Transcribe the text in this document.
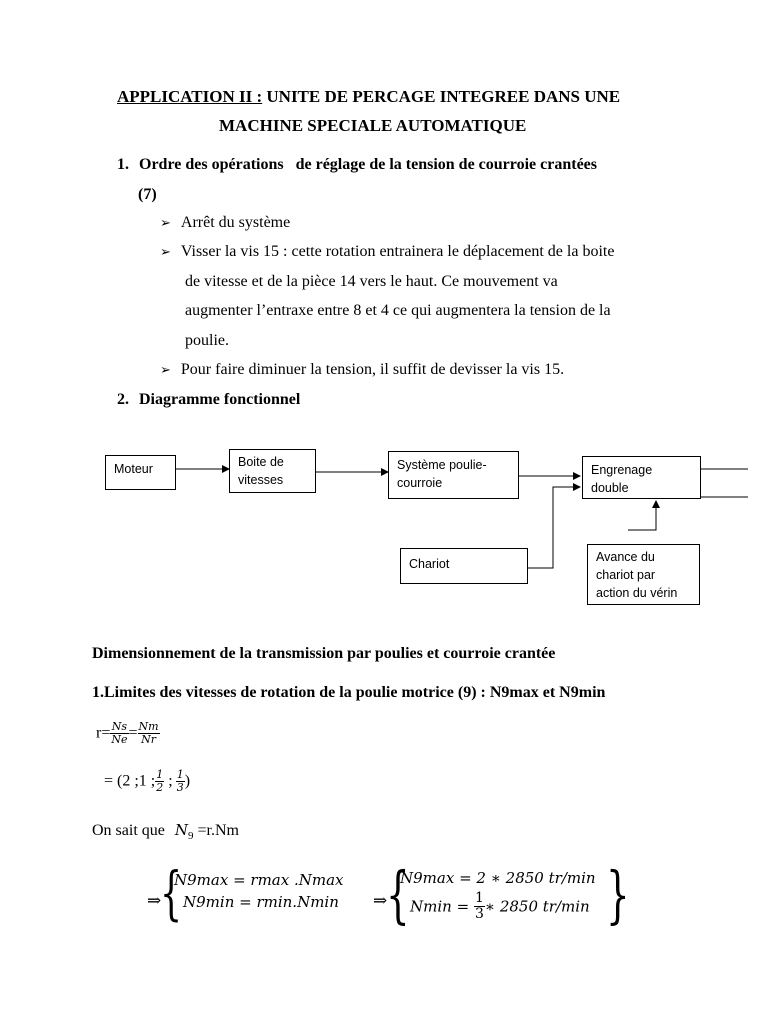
APPLICATION II : UNITE DE PERCAGE INTEGREE DANS UNE
MACHINE SPECIALE AUTOMATIQUE
1. Ordre des opérations   de réglage de la tension de courroie crantées
(7)
➢ Arrêt du système
➢ Visser la vis 15 : cette rotation entrainera le déplacement de la boite
de vitesse et de la pièce 14 vers le haut. Ce mouvement va
augmenter l’entraxe entre 8 et 4 ce qui augmentera la tension de la
poulie.
➢ Pour faire diminuer la tension, il suffit de devisser la vis 15.
2. Diagramme fonctionnel
Moteur	Boite de
vitesses
Système poulie-
courroie
Engrenage
double
Chariot	Avance du
chariot par
action du vérin
Dimensionnement de la transmission par poulies et courroie crantée
1.Limites des vitesses de rotation de la poulie motrice (9) : N9max et N9min
$r= \frac{Ns}{Ne} = \frac{Nm}{Nr}$
= (2 ;1 ; $\frac{1}{2}$ ; $\frac{1}{3}$ )
On sait que $N_9 =r.Nm$
⇒
{
N9max = rmax .Nmax
N9min = rmin.Nmin ⇒
{
N9max = 2 ∗ 2850 tr/min
$Nmin = \frac{1}{3}$ ∗ 2850 tr/min }
